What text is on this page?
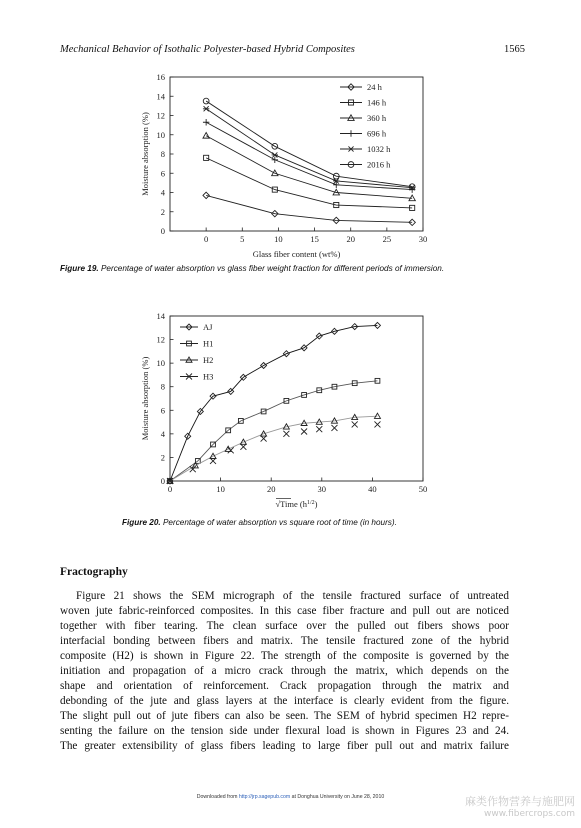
Mechanical Behavior of Isothalic Polyester-based Hybrid Composites	1565
0	5	10	15	20	25	30
0
2
4
6
8
10
12
14
16
Glass fiber content (wt%)
Moisture absorption (%)
24 h
146 h
360 h
696 h
1032 h
2016 h
Figure 19. Percentage of water absorption vs glass fiber weight fraction for different periods of immersion.
0	10	20	30	40	50
0
2
4
6
8
10
12
14
√Time $(h^{1/2})$
Moisture absorption (%)
AJ
H1
H2
H3
Figure 20. Percentage of water absorption vs square root of time (in hours).
Fractography
Figure 21 shows the SEM micrograph of the tensile fractured surface of untreated
woven jute fabric-reinforced composites. In this case fiber fracture and pull out are noticed
together with fiber tearing. The clean surface over the pulled out fibers shows poor
interfacial bonding between fibers and matrix. The tensile fractured zone of the hybrid
composite (H2) is shown in Figure 22. The strength of the composite is governed by the
initiation and propagation of a micro crack through the matrix, which depends on the
shape and orientation of reinforcement. Crack propagation through the matrix and
debonding of the jute and glass layers at the interface is clearly evident from the figure.
The slight pull out of jute fibers can also be seen. The SEM of hybrid specimen H2 repre-
senting the failure on the tension side under flexural load is shown in Figures 23 and 24.
The greater extensibility of glass fibers leading to large fiber pull out and matrix failure
Downloaded from http://jrp.sagepub.com at Donghua University on June 28, 2010	麻类作物营养与施肥网
www.fibercrops.com
